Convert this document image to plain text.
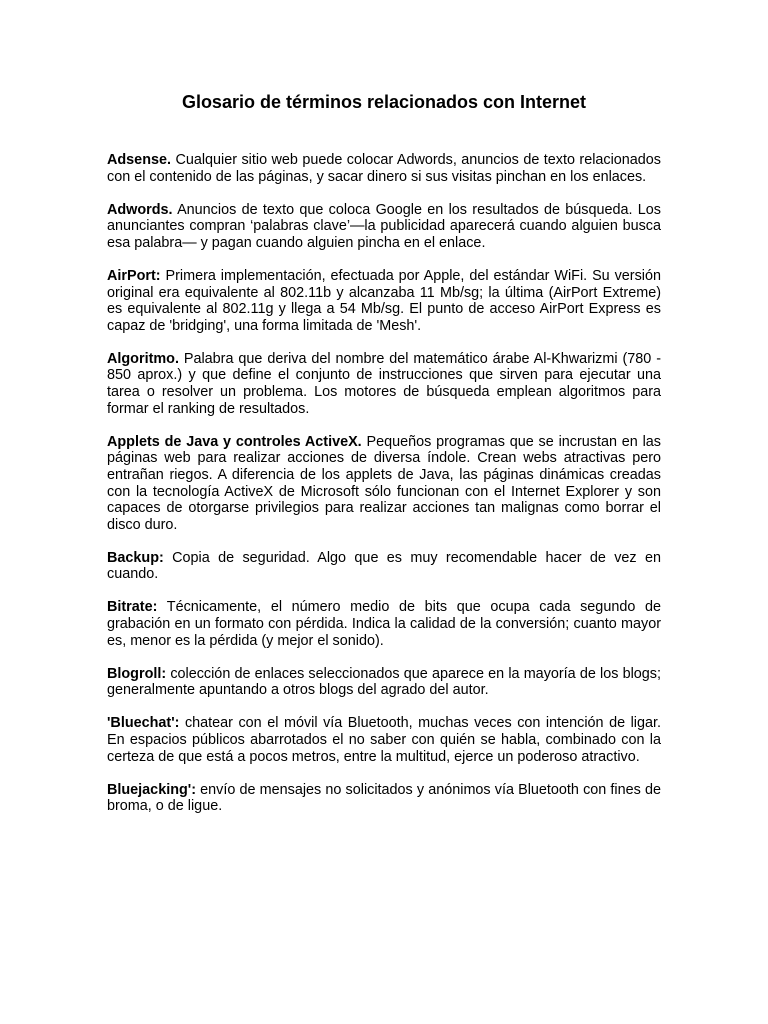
Glosario de términos relacionados con Internet

Adsense. Cualquier sitio web puede colocar Adwords, anuncios de texto relacionados con el contenido de las páginas, y sacar dinero si sus visitas pinchan en los enlaces.

Adwords. Anuncios de texto que coloca Google en los resultados de búsqueda. Los anunciantes compran ‘palabras clave’—la publicidad aparecerá cuando alguien busca esa palabra— y pagan cuando alguien pincha en el enlace.

AirPort: Primera implementación, efectuada por Apple, del estándar WiFi. Su versión original era equivalente al 802.11b y alcanzaba 11 Mb/sg; la última (AirPort Extreme) es equivalente al 802.11g y llega a 54 Mb/sg. El punto de acceso AirPort Express es capaz de 'bridging', una forma limitada de 'Mesh'.

Algoritmo. Palabra que deriva del nombre del matemático árabe Al-Khwarizmi (780 - 850 aprox.) y que define el conjunto de instrucciones que sirven para ejecutar una tarea o resolver un problema. Los motores de búsqueda emplean algoritmos para formar el ranking de resultados.

Applets de Java y controles ActiveX. Pequeños programas que se incrustan en las páginas web para realizar acciones de diversa índole. Crean webs atractivas pero entrañan riegos. A diferencia de los applets de Java, las páginas dinámicas creadas con la tecnología ActiveX de Microsoft sólo funcionan con el Internet Explorer y son capaces de otorgarse privilegios para realizar acciones tan malignas como borrar el disco duro.

Backup: Copia de seguridad. Algo que es muy recomendable hacer de vez en cuando.

Bitrate: Técnicamente, el número medio de bits que ocupa cada segundo de grabación en un formato con pérdida. Indica la calidad de la conversión; cuanto mayor es, menor es la pérdida (y mejor el sonido).

Blogroll: colección de enlaces seleccionados que aparece en la mayoría de los blogs; generalmente apuntando a otros blogs del agrado del autor.

'Bluechat': chatear con el móvil vía Bluetooth, muchas veces con intención de ligar. En espacios públicos abarrotados el no saber con quién se habla, combinado con la certeza de que está a pocos metros, entre la multitud, ejerce un poderoso atractivo.

Bluejacking': envío de mensajes no solicitados y anónimos vía Bluetooth con fines de broma, o de ligue.
